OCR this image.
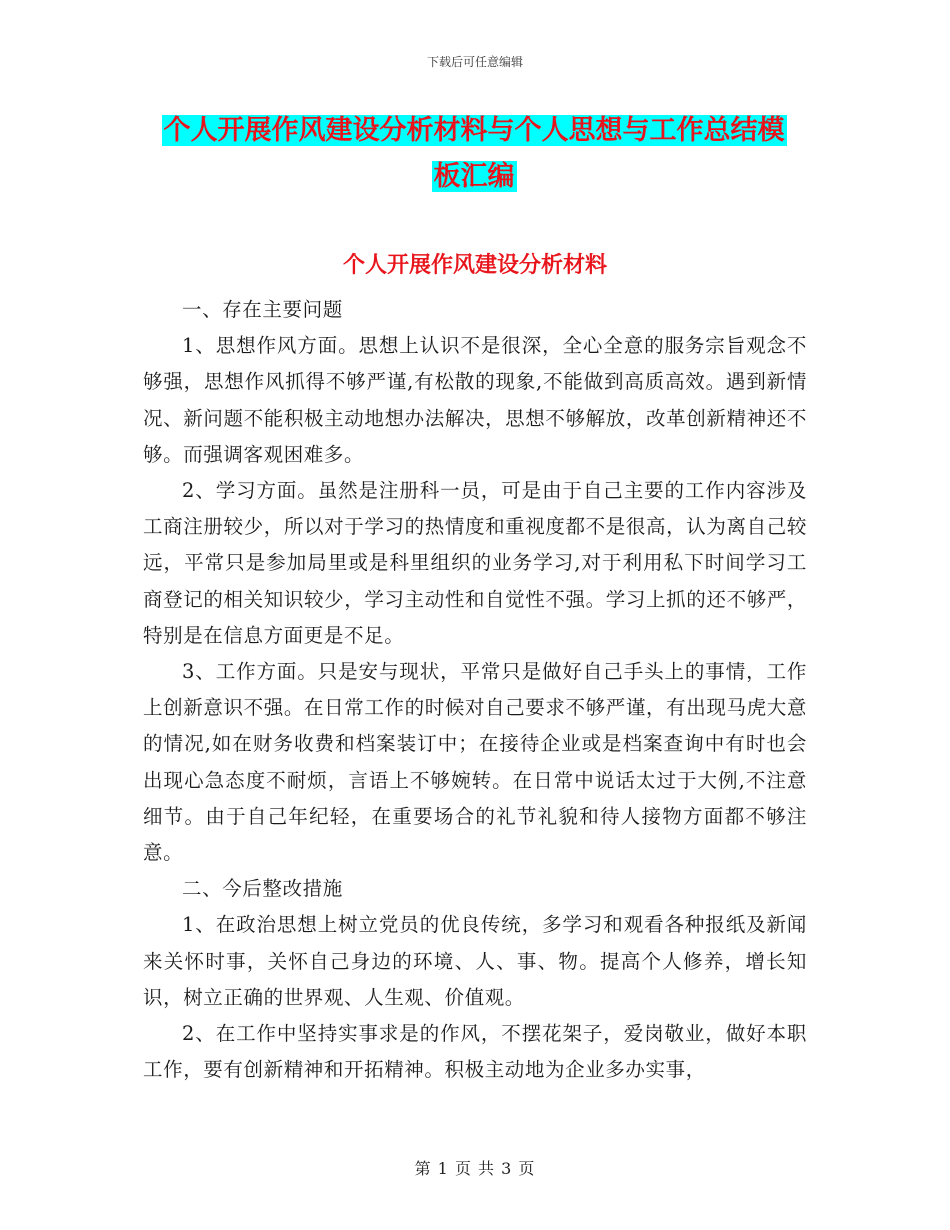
下载后可任意编辑
个人开展作风建设分析材料与个人思想与工作总结模
板汇编
个人开展作风建设分析材料

一、存在主要问题

1、思想作风方面。思想上认识不是很深，全心全意的服务宗旨观念不够强，思想作风抓得不够严谨,有松散的现象,不能做到高质高效。遇到新情况、新问题不能积极主动地想办法解决，思想不够解放，改革创新精神还不够。而强调客观困难多。

2、学习方面。虽然是注册科一员，可是由于自己主要的工作内容涉及工商注册较少，所以对于学习的热情度和重视度都不是很高，认为离自己较远，平常只是参加局里或是科里组织的业务学习,对于利用私下时间学习工商登记的相关知识较少，学习主动性和自觉性不强。学习上抓的还不够严，特别是在信息方面更是不足。

3、工作方面。只是安与现状，平常只是做好自己手头上的事情，工作上创新意识不强。在日常工作的时候对自己要求不够严谨，有出现马虎大意的情况,如在财务收费和档案装订中；在接待企业或是档案查询中有时也会出现心急态度不耐烦，言语上不够婉转。在日常中说话太过于大例,不注意细节。由于自己年纪轻，在重要场合的礼节礼貌和待人接物方面都不够注意。

二、今后整改措施

1、在政治思想上树立党员的优良传统，多学习和观看各种报纸及新闻来关怀时事，关怀自己身边的环境、人、事、物。提高个人修养，增长知识，树立正确的世界观、人生观、价值观。

2、在工作中坚持实事求是的作风，不摆花架子，爱岗敬业，做好本职工作，要有创新精神和开拓精神。积极主动地为企业多办实事，

第 1 页 共 3 页
